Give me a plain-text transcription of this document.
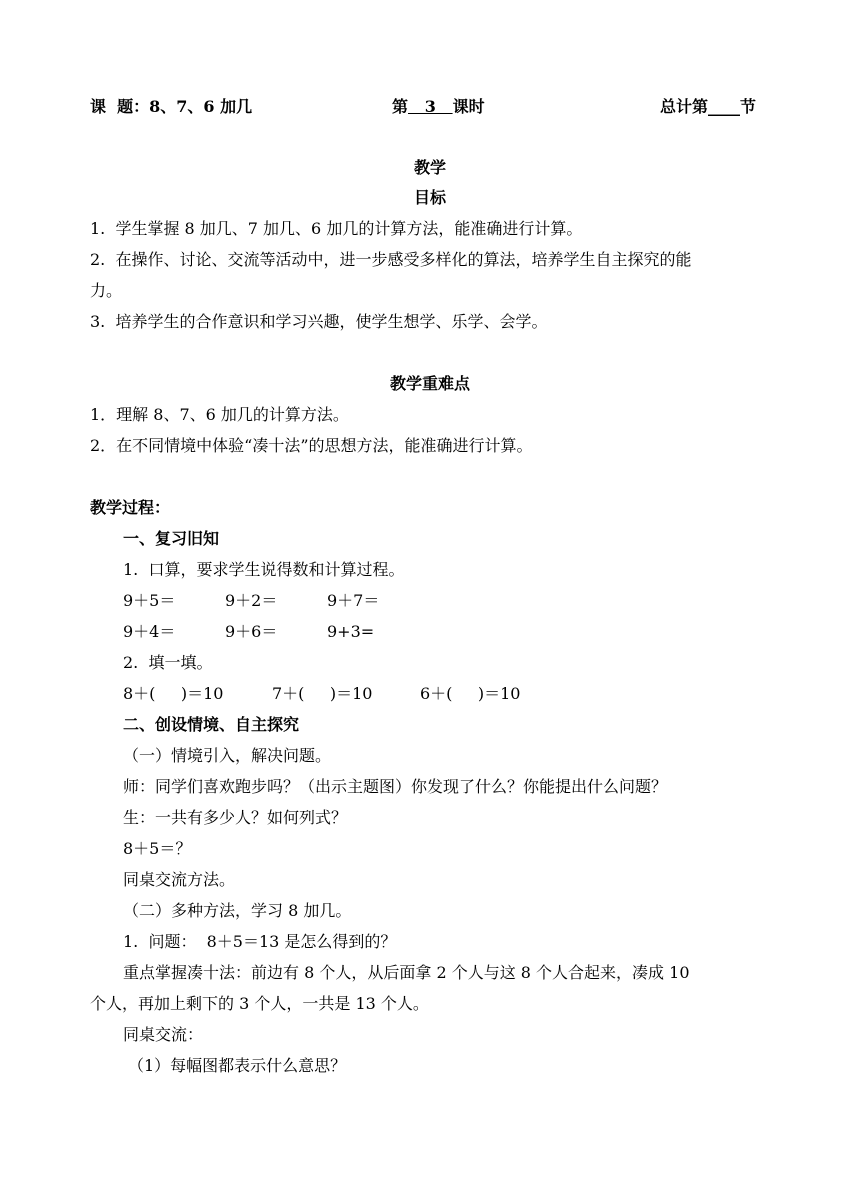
课  题：8、7、6 加几	第   3   课时	总计第____节
教学
目标
1.  学生掌握 8 加几、7 加几、6 加几的计算方法，能准确进行计算。
2.  在操作、讨论、交流等活动中，进一步感受多样化的算法，培养学生自主探究的能
力。
3.  培养学生的合作意识和学习兴趣，使学生想学、乐学、会学。
教学重难点
1．理解 8、7、6 加几的计算方法。
2．在不同情境中体验“凑十法”的思想方法，能准确进行计算。
教学过程：
一、复习旧知
1.  口算，要求学生说得数和计算过程。
9＋5＝	9＋2＝	9＋7＝
9＋4＝	9＋6＝	9+3=
2.  填一填。
8＋(     )＝10	7＋(     )＝10	6＋(     )＝10
二、创设情境、自主探究
（一）情境引入，解决问题。
师：同学们喜欢跑步吗？（出示主题图）你发现了什么？你能提出什么问题？
生：一共有多少人？如何列式？
8＋5＝？
同桌交流方法。
（二）多种方法，学习 8 加几。
1.  问题：  8＋5＝13 是怎么得到的？
重点掌握凑十法：前边有 8 个人，从后面拿 2 个人与这 8 个人合起来，凑成 10
个人，再加上剩下的 3 个人，一共是 13 个人。
同桌交流：
（1）每幅图都表示什么意思？
